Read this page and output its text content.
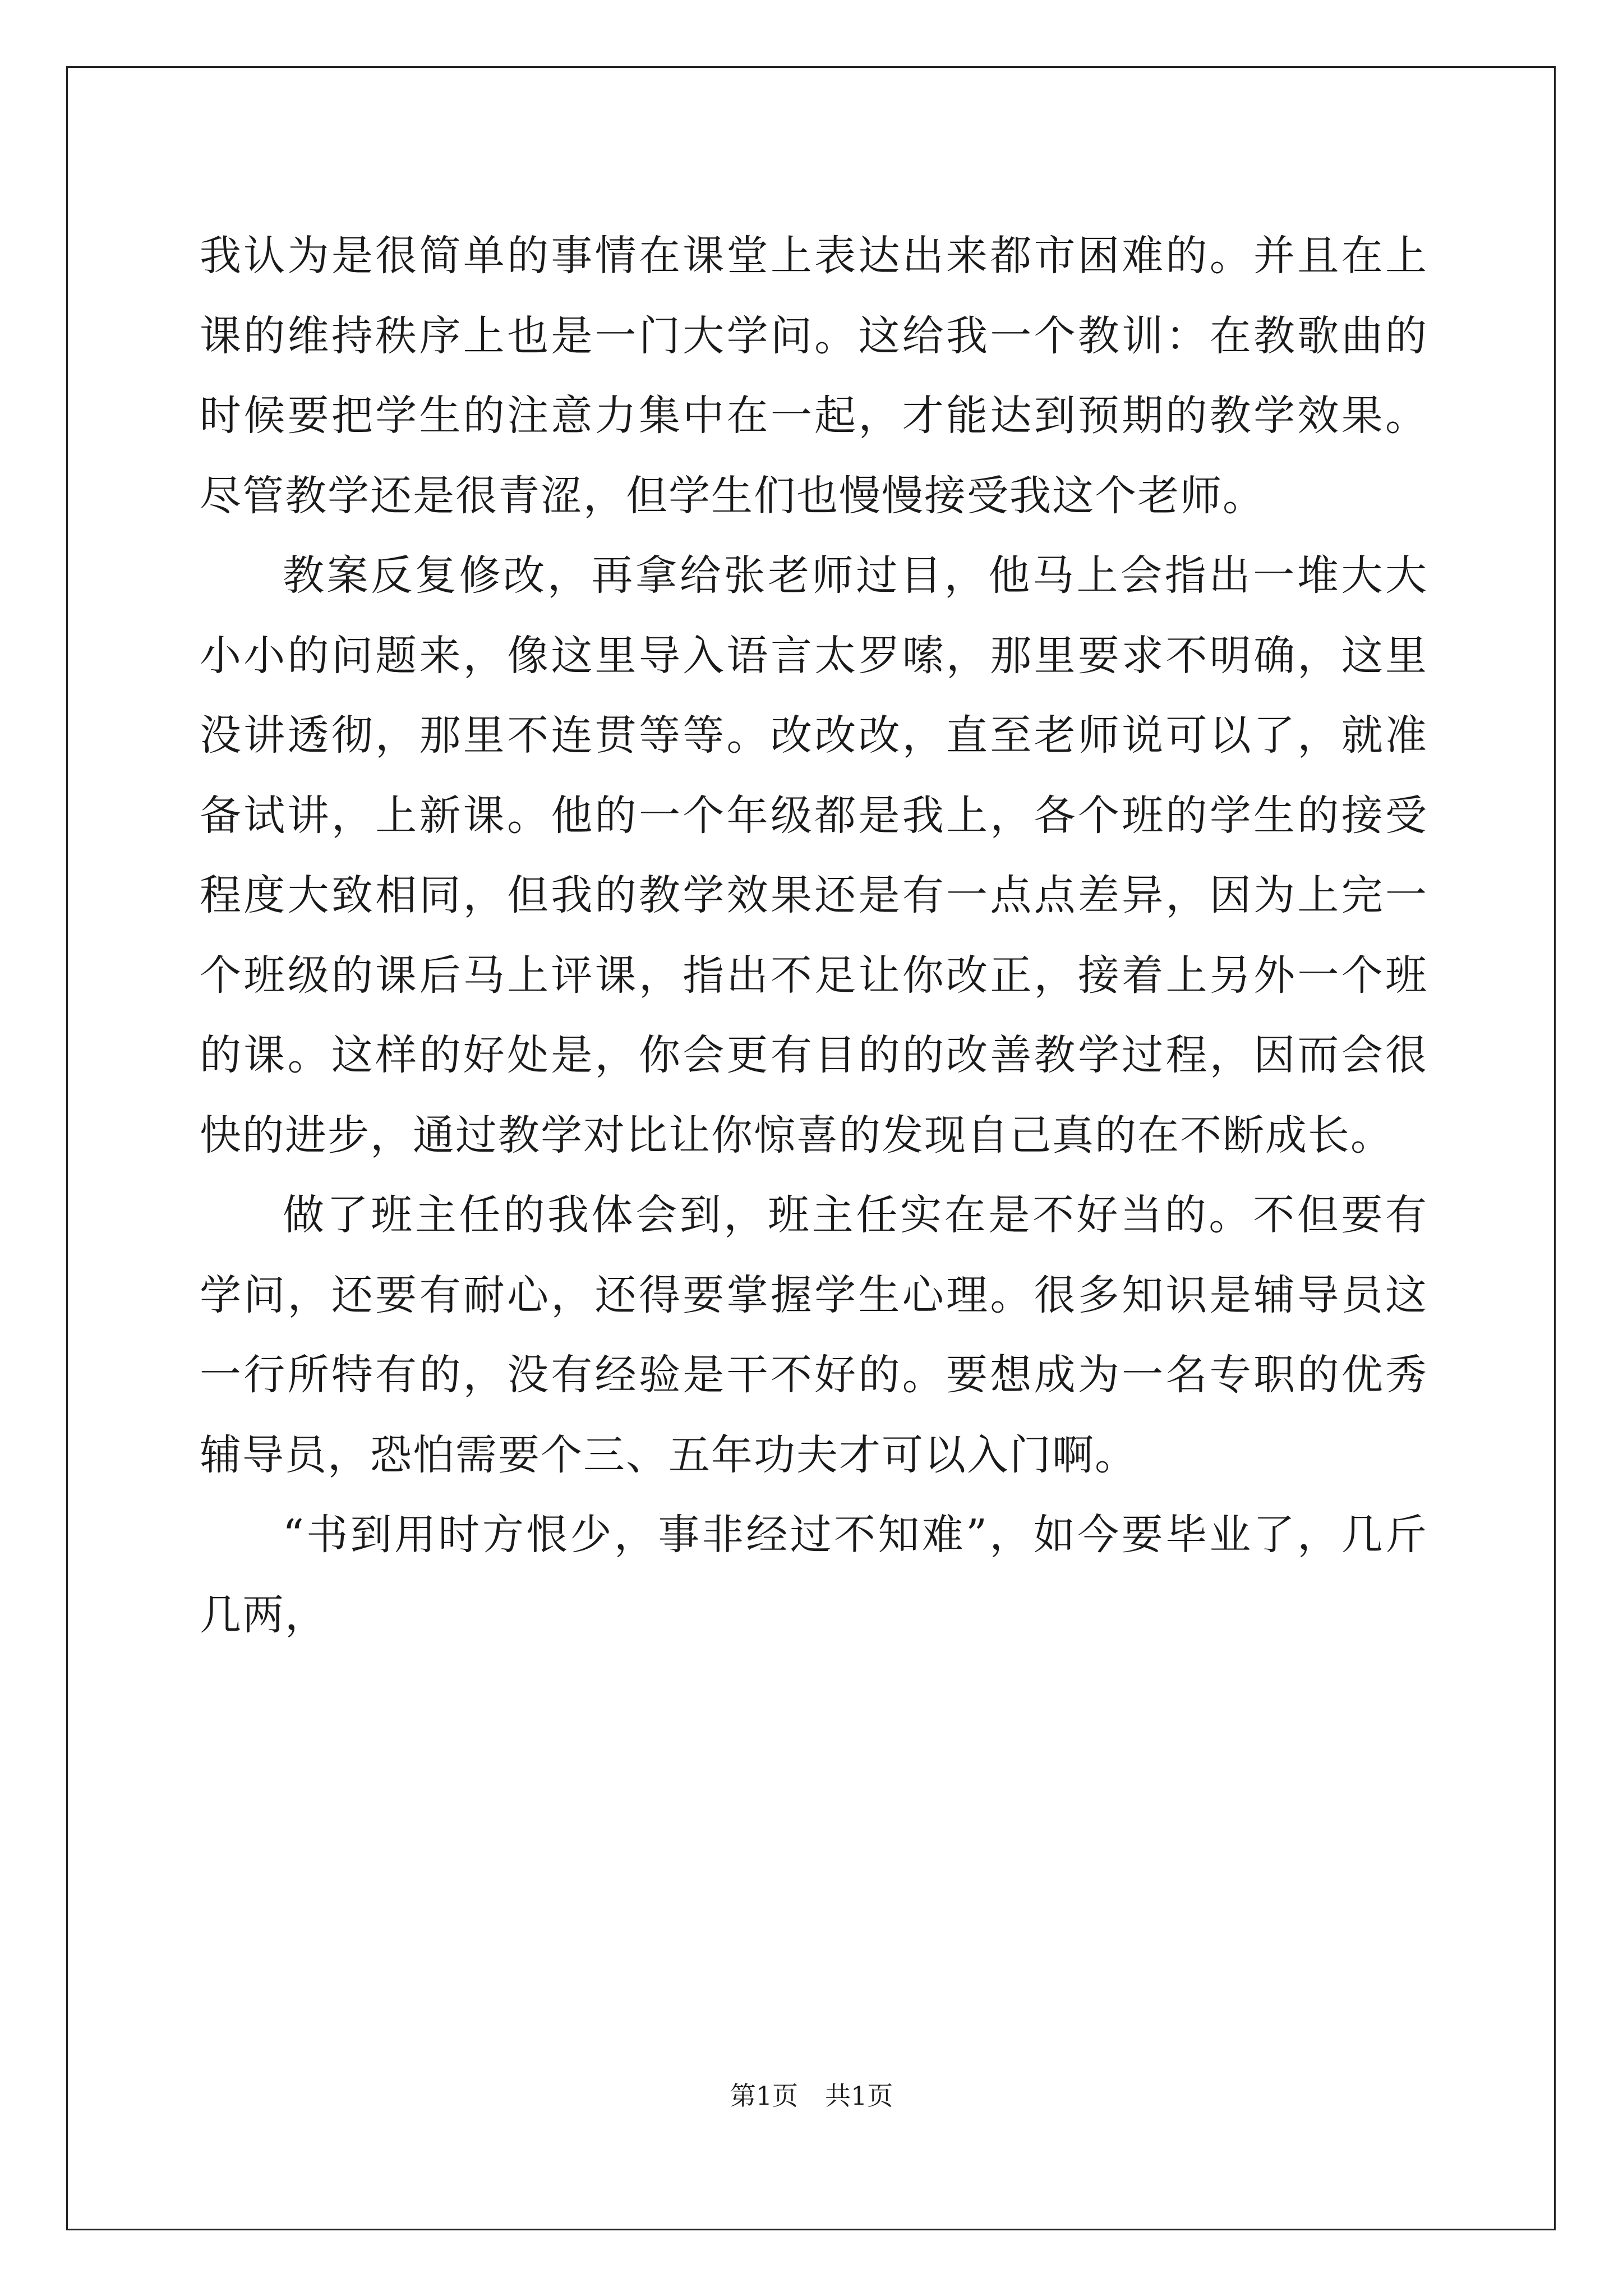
我认为是很简单的事情在课堂上表达出来都市困难的。并且在上课的维持秩序上也是一门大学问。这给我一个教训：在教歌曲的时候要把学生的注意力集中在一起，才能达到预期的教学效果。尽管教学还是很青涩，但学生们也慢慢接受我这个老师。

教案反复修改，再拿给张老师过目，他马上会指出一堆大大小小的问题来，像这里导入语言太罗嗦，那里要求不明确，这里没讲透彻，那里不连贯等等。改改改，直至老师说可以了，就准备试讲，上新课。他的一个年级都是我上，各个班的学生的接受程度大致相同，但我的教学效果还是有一点点差异，因为上完一个班级的课后马上评课，指出不足让你改正，接着上另外一个班的课。这样的好处是，你会更有目的的改善教学过程，因而会很快的进步，通过教学对比让你惊喜的发现自己真的在不断成长。

做了班主任的我体会到，班主任实在是不好当的。不但要有学问，还要有耐心，还得要掌握学生心理。很多知识是辅导员这一行所特有的，没有经验是干不好的。要想成为一名专职的优秀辅导员，恐怕需要个三、五年功夫才可以入门啊。

“书到用时方恨少，事非经过不知难”，如今要毕业了，几斤几两，

第1页 共1页
